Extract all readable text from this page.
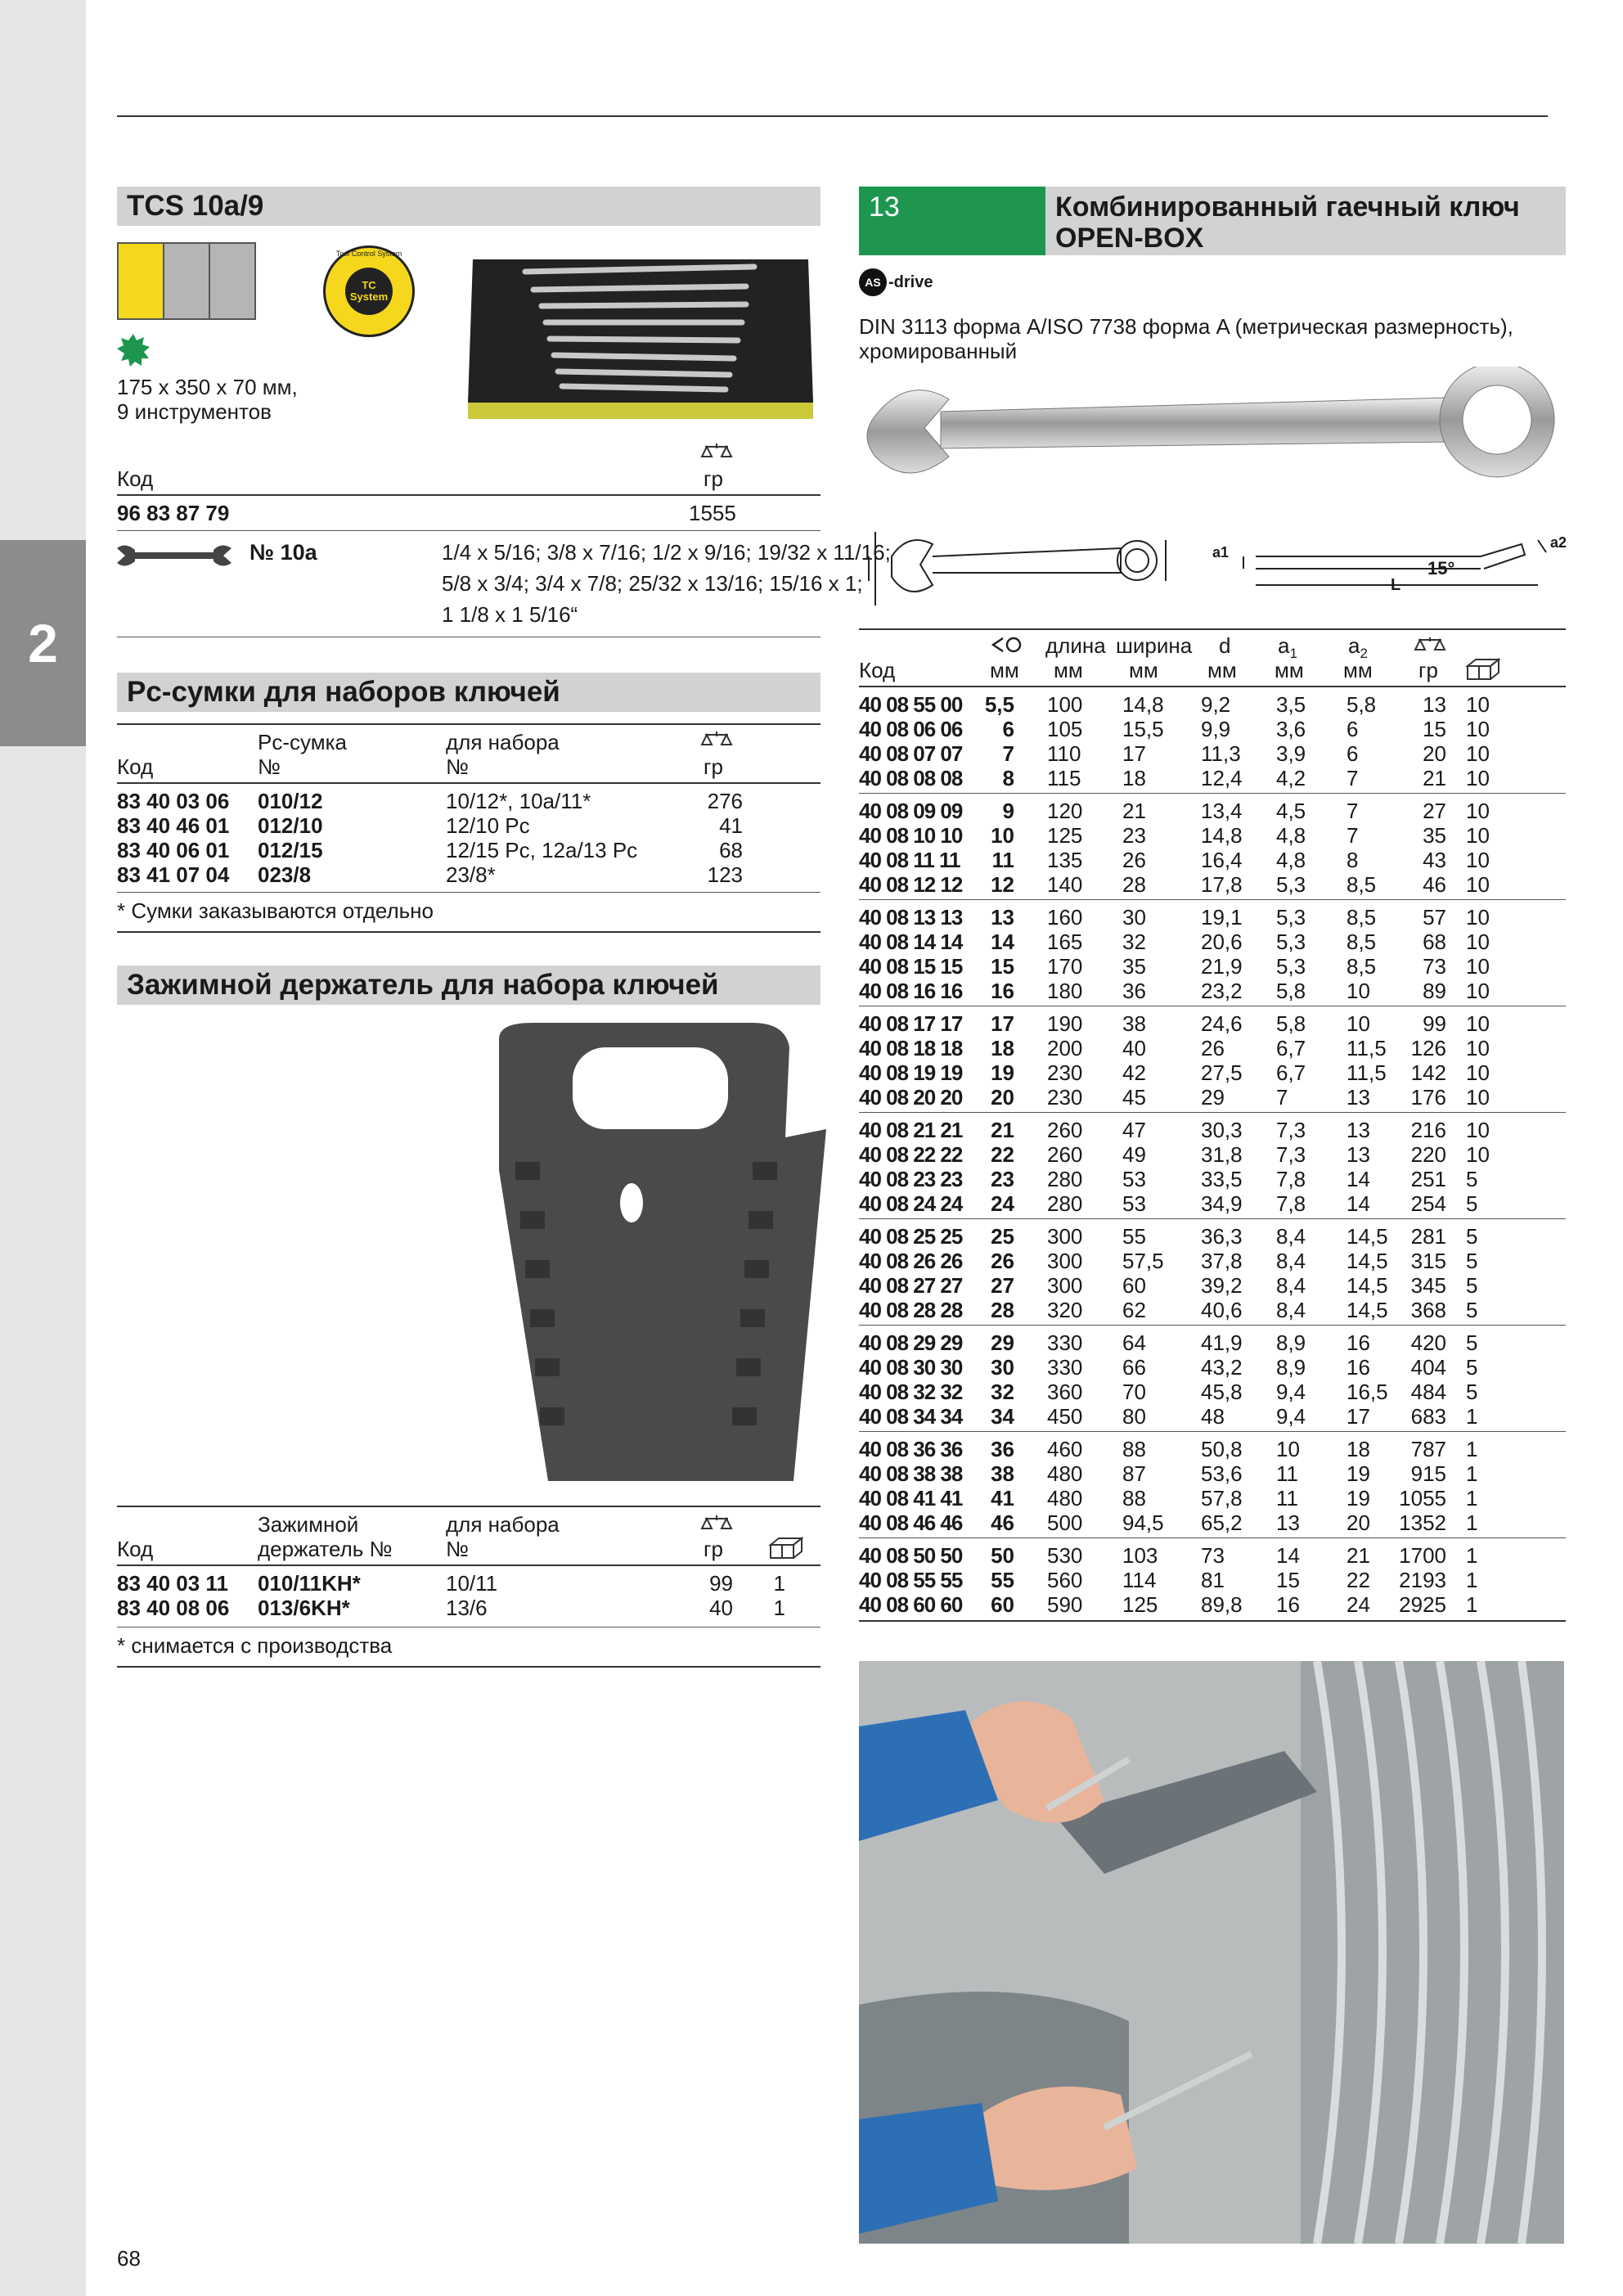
2
TCS 10a/9
TC System
Tool Control System
175 x 350 x 70 мм,
9 инструментов
Код	гр
96 83 87 79	1555
№ 10a	1/4 x 5/16; 3/8 x 7/16; 1/2 x 9/16; 19/32 x 11/16;
5/8 x 3/4; 3/4 x 7/8; 25/32 x 13/16; 15/16 x 1;
1 1/8 x 1 5/16“
Pc-сумки для наборов ключей
Pc-сумка	для набора
Код	№	№	гр
83 40 03 06 010/12	10/12*, 10a/11*	276
83 40 46 01 012/10	12/10 Pc	41
83 40 06 01 012/15	12/15 Pc, 12a/13 Pc	68
83 41 07 04 023/8	23/8*	123
* Сумки заказываются отдельно
Зажимной держатель для набора ключей
Зажимной	для набора
Код	держатель №	№	гр
83 40 03 11 010/11KH*	10/11	99	1
83 40 08 06 013/6KH*	13/6	40	1
* снимается с производства
13	Комбинированный гаечный ключ
OPEN-BOX
AS -drive
DIN 3113 форма A/ISO 7738 форма A (метрическая размерность),
хромированный
a1
a2
15°
L
длина ширина d $a_1$ $a_2$
Код	мм мм мм мм мм мм гр
40 08 55 00	5,5 100 14,8 9,2 3,5 5,8	13 10
40 08 06 06	6 105 15,5 9,9 3,6 6	15 10
40 08 07 07	7 110 17	11,3 3,9 6	20 10
40 08 08 08	8 115 18	12,4 4,2 7	21 10
40 08 09 09	9 120 21	13,4 4,5 7	27 10
40 08 10 10	10 125 23	14,8 4,8 7	35 10
40 08 11 11	11 135 26	16,4 4,8 8	43 10
40 08 12 12	12 140 28	17,8 5,3 8,5	46 10
40 08 13 13	13 160 30	19,1 5,3 8,5	57 10
40 08 14 14	14 165 32	20,6 5,3 8,5	68 10
40 08 15 15	15 170 35	21,9 5,3 8,5	73 10
40 08 16 16	16 180 36	23,2 5,8 10	89 10
40 08 17 17	17 190 38	24,6 5,8 10	99 10
40 08 18 18	18 200 40	26 6,7 11,5	126 10
40 08 19 19	19 230 42	27,5 6,7 11,5	142 10
40 08 20 20	20 230 45	29 7	13	176 10
40 08 21 21	21 260 47	30,3 7,3 13	216 10
40 08 22 22	22 260 49	31,8 7,3 13	220 10
40 08 23 23	23 280 53	33,5 7,8 14	251 5
40 08 24 24	24 280 53	34,9 7,8 14	254 5
40 08 25 25	25 300 55	36,3 8,4 14,5	281 5
40 08 26 26	26 300 57,5 37,8 8,4 14,5	315 5
40 08 27 27	27 300 60	39,2 8,4 14,5	345 5
40 08 28 28	28 320 62	40,6 8,4 14,5	368 5
40 08 29 29	29 330 64	41,9 8,9 16	420 5
40 08 30 30	30 330 66	43,2 8,9 16	404 5
40 08 32 32	32 360 70	45,8 9,4 16,5	484 5
40 08 34 34	34 450 80	48 9,4 17	683 1
40 08 36 36	36 460 88	50,8 10 18	787 1
40 08 38 38	38 480 87	53,6 11 19	915 1
40 08 41 41	41 480 88	57,8 11 19	1055 1
40 08 46 46	46 500 94,5 65,2 13 20	1352 1
40 08 50 50	50 530 103 73 14 21	1700 1
40 08 55 55	55 560 114 81 15 22	2193 1
40 08 60 60	60 590 125 89,8 16 24	2925 1
68
